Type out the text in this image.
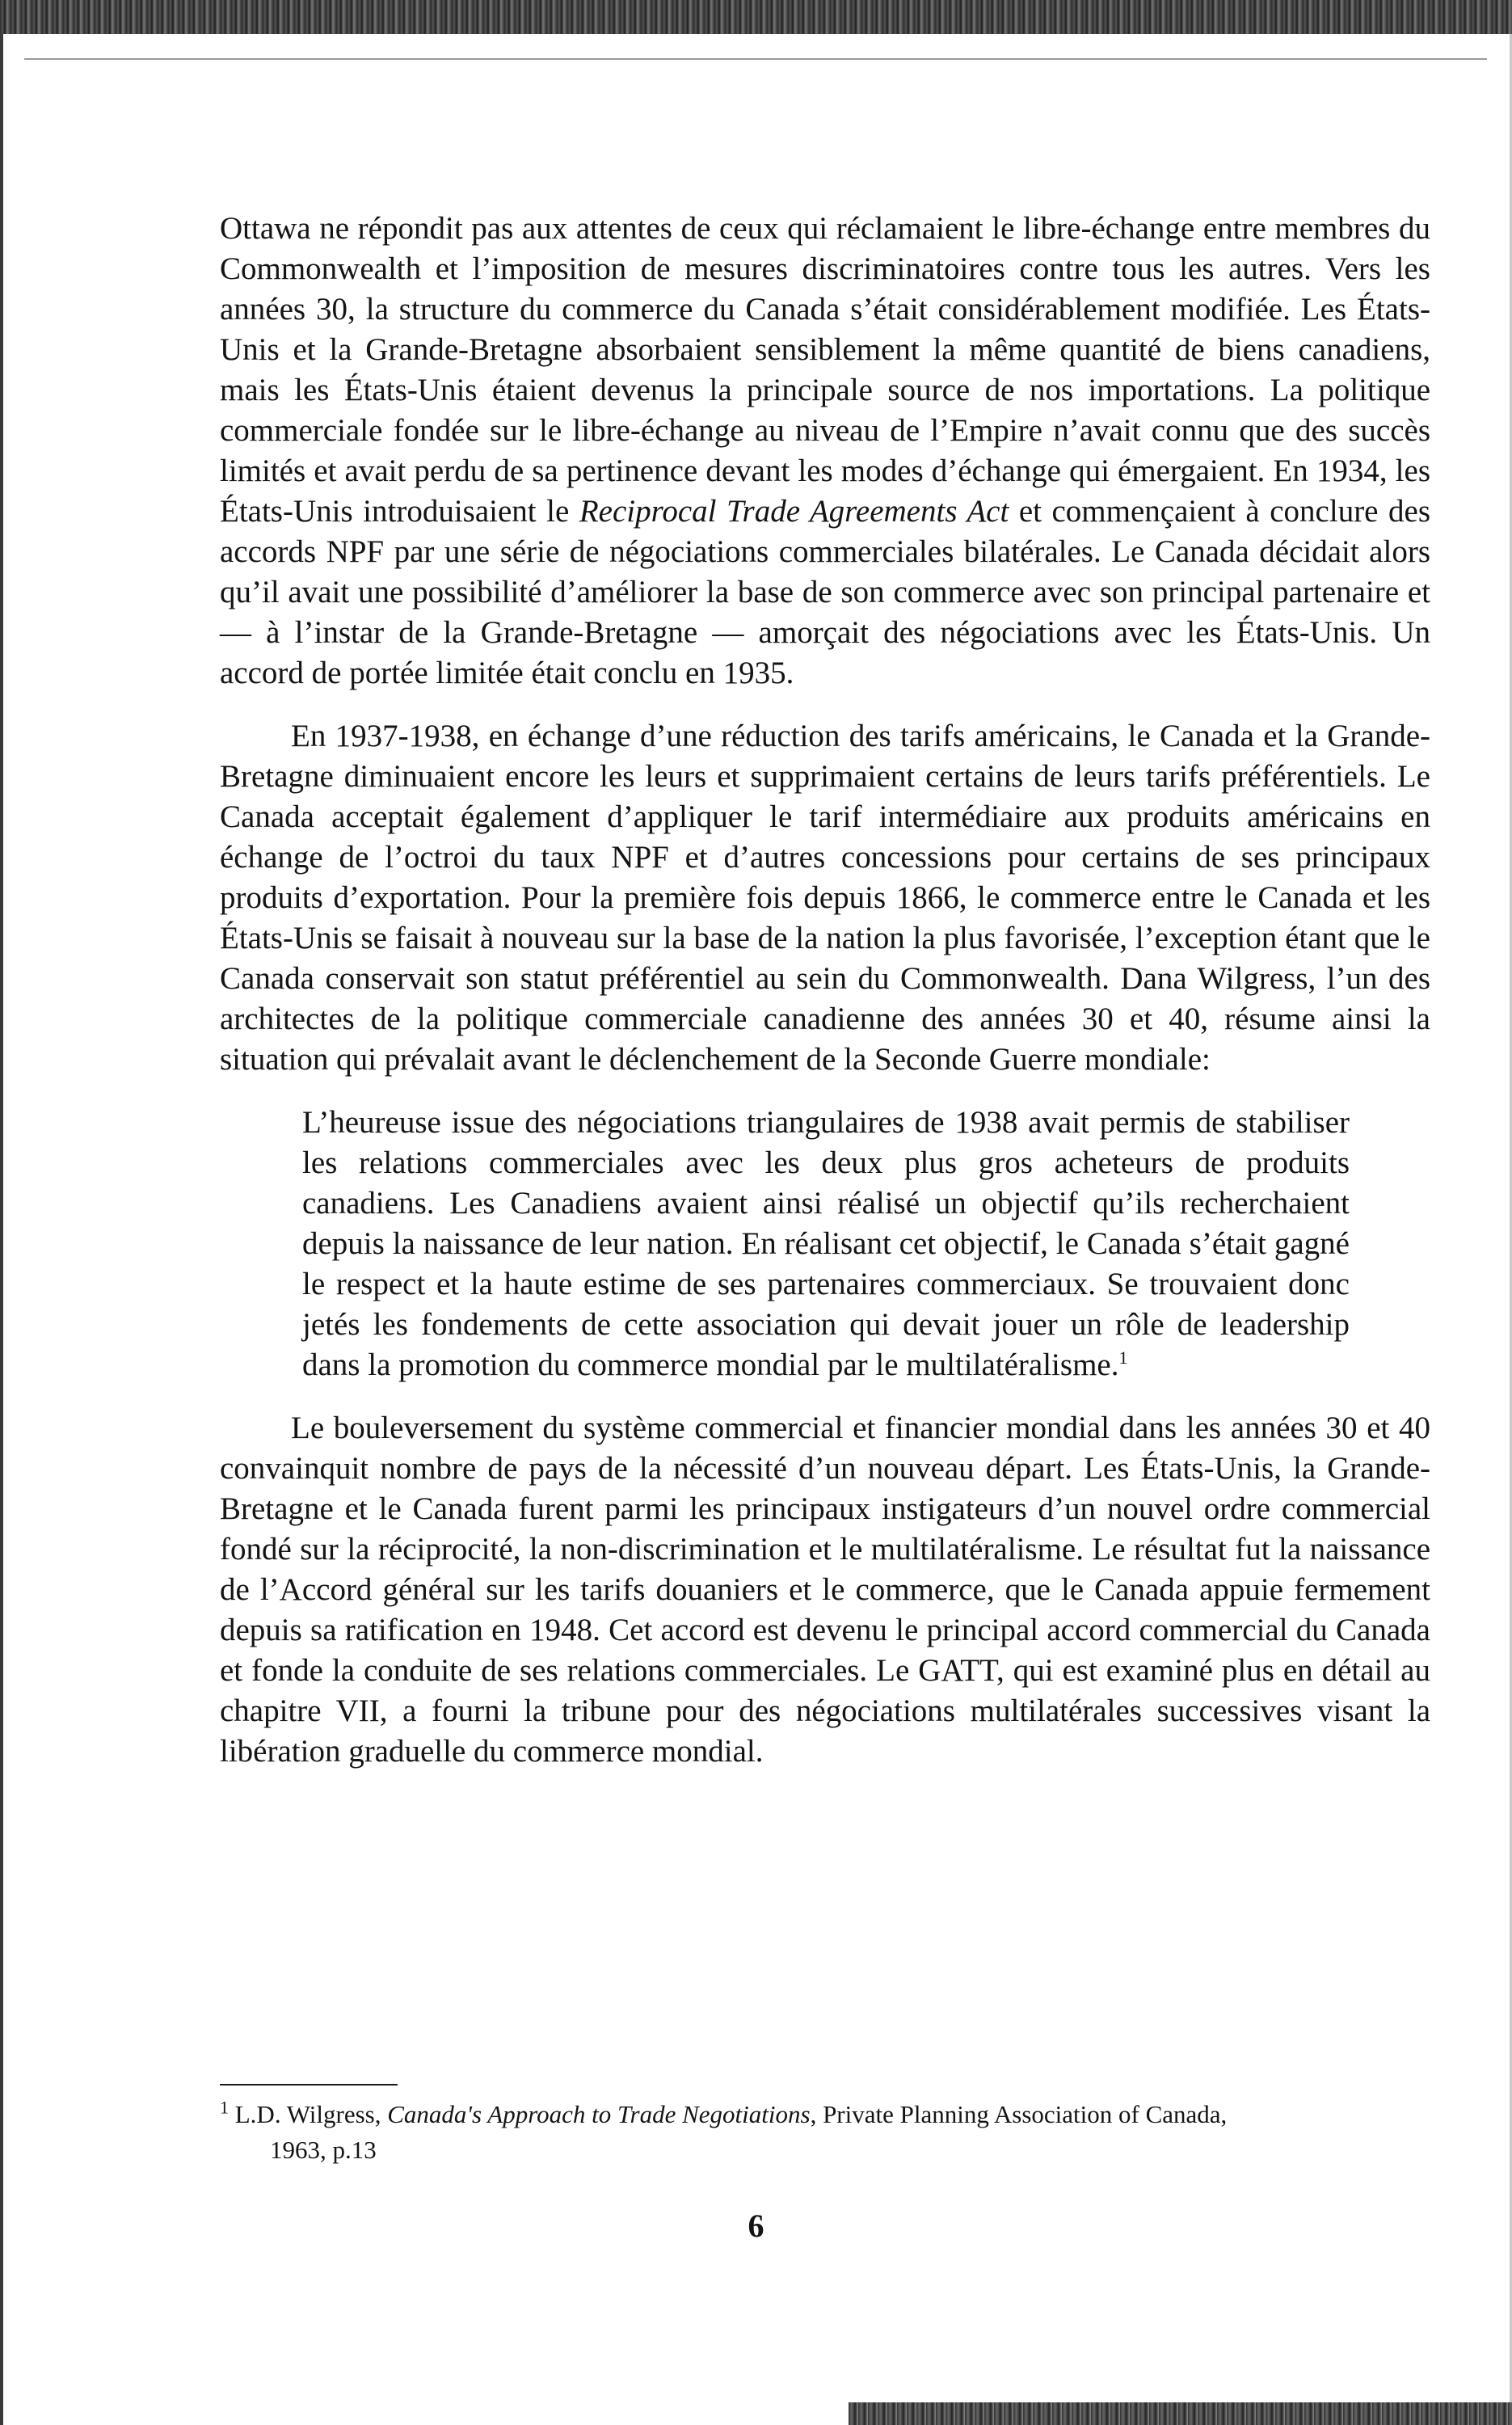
Ottawa ne répondit pas aux attentes de ceux qui réclamaient le libre-échange entre membres du Commonwealth et l’imposition de mesures discriminatoires contre tous les autres. Vers les années 30, la structure du commerce du Canada s’était considérablement modifiée. Les États-Unis et la Grande-Bretagne absorbaient sensiblement la même quantité de biens canadiens, mais les États-Unis étaient devenus la principale source de nos importations. La politique commerciale fondée sur le libre-échange au niveau de l’Empire n’avait connu que des succès limités et avait perdu de sa pertinence devant les modes d’échange qui émergaient. En 1934, les États-Unis introduisaient le Reciprocal Trade Agreements Act et commençaient à conclure des accords NPF par une série de négociations commerciales bilatérales. Le Canada décidait alors qu’il avait une possibilité d’améliorer la base de son commerce avec son principal partenaire et — à l’instar de la Grande-Bretagne — amorçait des négociations avec les États-Unis. Un accord de portée limitée était conclu en 1935.

En 1937-1938, en échange d’une réduction des tarifs américains, le Canada et la Grande-Bretagne diminuaient encore les leurs et supprimaient certains de leurs tarifs préférentiels. Le Canada acceptait également d’appliquer le tarif intermédiaire aux produits américains en échange de l’octroi du taux NPF et d’autres concessions pour certains de ses principaux produits d’exportation. Pour la première fois depuis 1866, le commerce entre le Canada et les États-Unis se faisait à nouveau sur la base de la nation la plus favorisée, l’exception étant que le Canada conservait son statut préférentiel au sein du Commonwealth. Dana Wilgress, l’un des architectes de la politique commerciale canadienne des années 30 et 40, résume ainsi la situation qui prévalait avant le déclenchement de la Seconde Guerre mondiale:

L’heureuse issue des négociations triangulaires de 1938 avait permis de stabiliser les relations commerciales avec les deux plus gros acheteurs de produits canadiens. Les Canadiens avaient ainsi réalisé un objectif qu’ils recherchaient depuis la naissance de leur nation. En réalisant cet objectif, le Canada s’était gagné le respect et la haute estime de ses partenaires commerciaux. Se trouvaient donc jetés les fondements de cette association qui devait jouer un rôle de leadership dans la promotion du commerce mondial par le multilatéralisme.$^1$

Le bouleversement du système commercial et financier mondial dans les années 30 et 40 convainquit nombre de pays de la nécessité d’un nouveau départ. Les États-Unis, la Grande-Bretagne et le Canada furent parmi les principaux instigateurs d’un nouvel ordre commercial fondé sur la réciprocité, la non-discrimination et le multilatéralisme. Le résultat fut la naissance de l’Accord général sur les tarifs douaniers et le commerce, que le Canada appuie fermement depuis sa ratification en 1948. Cet accord est devenu le principal accord commercial du Canada et fonde la conduite de ses relations commerciales. Le GATT, qui est examiné plus en détail au chapitre VII, a fourni la tribune pour des négociations multilatérales successives visant la libération graduelle du commerce mondial.

$^1$ L.D. Wilgress, Canada's Approach to Trade Negotiations, Private Planning Association of Canada,
1963, p.13
6
